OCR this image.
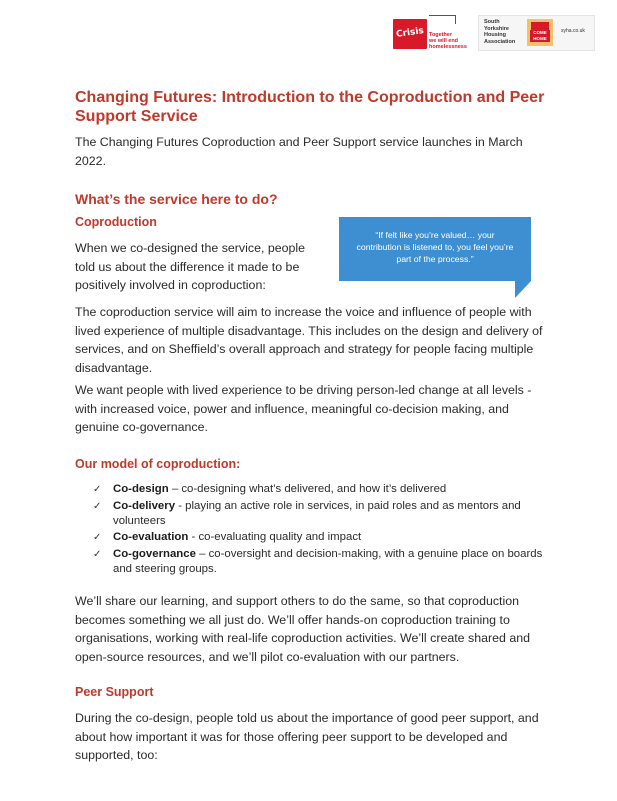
Crisis Together
we will end
homelessness
South
Yorkshire
Housing
Association
COME
HOME
syha.co.uk
Changing Futures: Introduction to the Coproduction and Peer Support Service
The Changing Futures Coproduction and Peer Support service launches in March 2022.
What’s the service here to do?
Coproduction
When we co-designed the service, people told us about the difference it made to be positively involved in coproduction:
“If felt like you’re valued… your contribution is listened to, you feel you’re part of the process.”
The coproduction service will aim to increase the voice and influence of people with lived experience of multiple disadvantage. This includes on the design and delivery of services, and on Sheffield’s overall approach and strategy for people facing multiple disadvantage.
We want people with lived experience to be driving person-led change at all levels - with increased voice, power and influence, meaningful co-decision making, and genuine co-governance.
Our model of coproduction:
✓ Co-design – co-designing what’s delivered, and how it’s delivered
✓ Co-delivery - playing an active role in services, in paid roles and as mentors and volunteers
✓ Co-evaluation - co-evaluating quality and impact
✓ Co-governance – co-oversight and decision-making, with a genuine place on boards and steering groups.
We’ll share our learning, and support others to do the same, so that coproduction becomes something we all just do. We’ll offer hands-on coproduction training to organisations, working with real-life coproduction activities. We’ll create shared and open-source resources, and we’ll pilot co-evaluation with our partners.
Peer Support
During the co-design, people told us about the importance of good peer support, and about how important it was for those offering peer support to be developed and supported, too:
